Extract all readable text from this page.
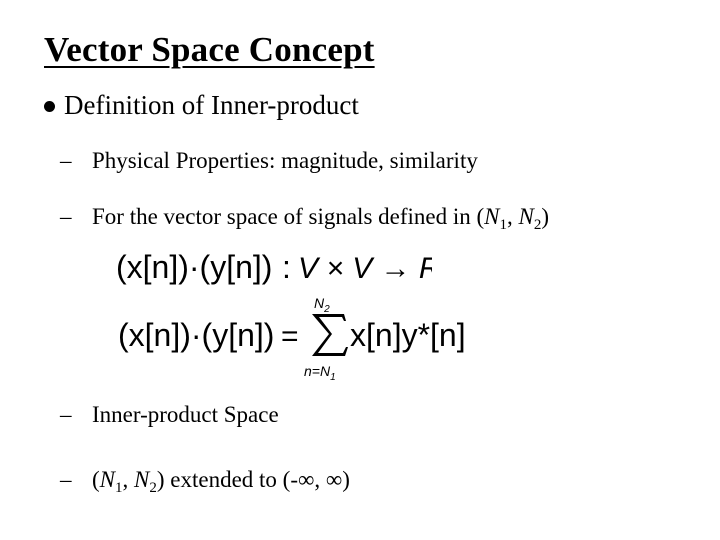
Vector Space Concept
Definition of Inner-product
– Physical Properties: magnitude, similarity
– For the vector space of signals defined in ($N_1$, $N_2$)
(x[n])·(y[n]) : V × V → R
(x[n])·(y[n]) =
$N_2$
$n=N_1$
x[n]y*[n]
– Inner-product Space
– ($N_1$, $N_2$) extended to (-∞, ∞)
